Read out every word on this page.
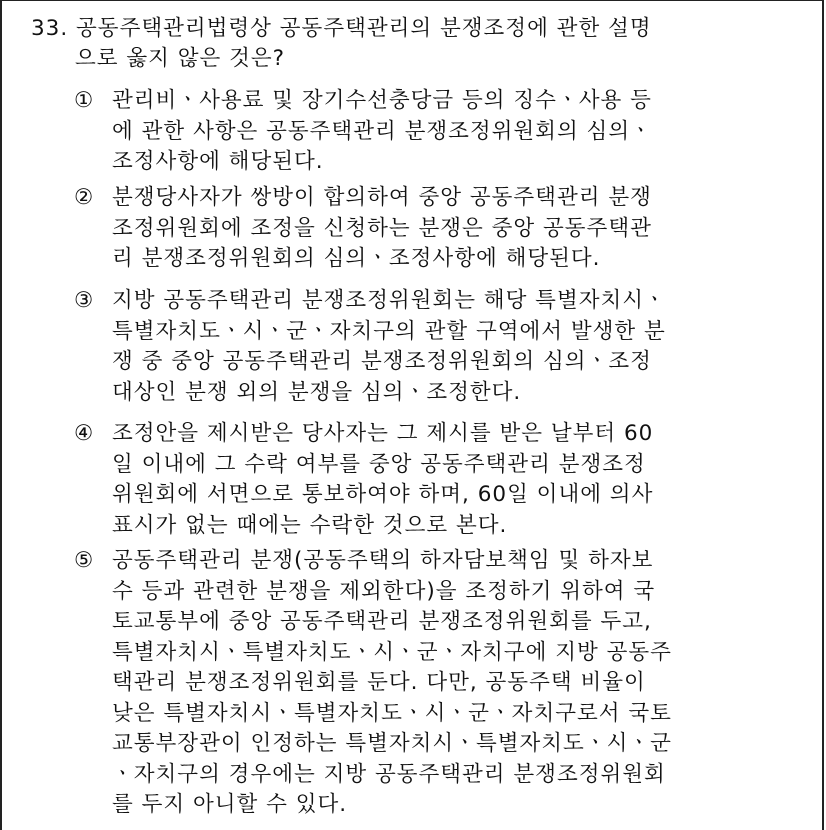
33. 공동주택관리법령상 공동주택관리의 분쟁조정에 관한 설명
으로 옳지 않은 것은?
① 관리비ㆍ사용료 및 장기수선충당금 등의 징수ㆍ사용 등
에 관한 사항은 공동주택관리 분쟁조정위원회의 심의ㆍ
조정사항에 해당된다.
② 분쟁당사자가 쌍방이 합의하여 중앙 공동주택관리 분쟁
조정위원회에 조정을 신청하는 분쟁은 중앙 공동주택관
리 분쟁조정위원회의 심의ㆍ조정사항에 해당된다.
③ 지방 공동주택관리 분쟁조정위원회는 해당 특별자치시ㆍ
특별자치도ㆍ시ㆍ군ㆍ자치구의 관할 구역에서 발생한 분
쟁 중 중앙 공동주택관리 분쟁조정위원회의 심의ㆍ조정
대상인 분쟁 외의 분쟁을 심의ㆍ조정한다.
④ 조정안을 제시받은 당사자는 그 제시를 받은 날부터 60
일 이내에 그 수락 여부를 중앙 공동주택관리 분쟁조정
위원회에 서면으로 통보하여야 하며, 60일 이내에 의사
표시가 없는 때에는 수락한 것으로 본다.
⑤ 공동주택관리 분쟁(공동주택의 하자담보책임 및 하자보
수 등과 관련한 분쟁을 제외한다)을 조정하기 위하여 국
토교통부에 중앙 공동주택관리 분쟁조정위원회를 두고,
특별자치시ㆍ특별자치도ㆍ시ㆍ군ㆍ자치구에 지방 공동주
택관리 분쟁조정위원회를 둔다. 다만, 공동주택 비율이
낮은 특별자치시ㆍ특별자치도ㆍ시ㆍ군ㆍ자치구로서 국토
교통부장관이 인정하는 특별자치시ㆍ특별자치도ㆍ시ㆍ군
ㆍ자치구의 경우에는 지방 공동주택관리 분쟁조정위원회
를 두지 아니할 수 있다.
